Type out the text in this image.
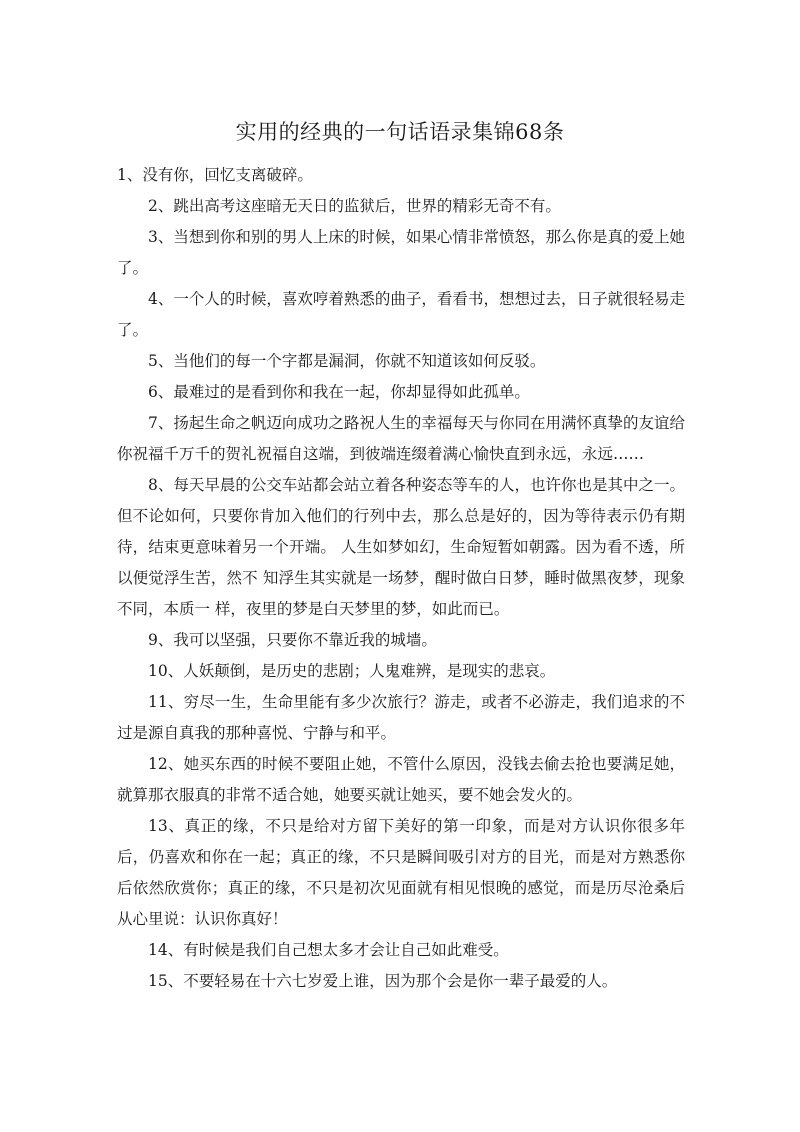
实用的经典的一句话语录集锦68条

1、没有你，回忆支离破碎。

2、跳出高考这座暗无天日的监狱后，世界的精彩无奇不有。

3、当想到你和别的男人上床的时候，如果心情非常愤怒，那么你是真的爱上她了。

4、一个人的时候，喜欢哼着熟悉的曲子，看看书，想想过去，日子就很轻易走了。

5、当他们的每一个字都是漏洞，你就不知道该如何反驳。

6、最难过的是看到你和我在一起，你却显得如此孤单。

7、扬起生命之帆迈向成功之路祝人生的幸福每天与你同在用满怀真挚的友谊给你祝福千万千的贺礼祝福自这端，到彼端连缀着满心愉快直到永远，永远……

8、每天早晨的公交车站都会站立着各种姿态等车的人，也许你也是其中之一。 但不论如何，只要你肯加入他们的行列中去，那么总是好的，因为等待表示仍有期待，结束更意味着另一个开端。 人生如梦如幻，生命短暂如朝露。因为看不透，所以便觉浮生苦，然不 知浮生其实就是一场梦，醒时做白日梦，睡时做黑夜梦，现象不同，本质一 样，夜里的梦是白天梦里的梦，如此而已。

9、我可以坚强，只要你不靠近我的城墙。

10、人妖颠倒，是历史的悲剧；人鬼难辨，是现实的悲哀。

11、穷尽一生，生命里能有多少次旅行？游走，或者不必游走，我们追求的不过是源自真我的那种喜悦、宁静与和平。

12、她买东西的时候不要阻止她，不管什么原因，没钱去偷去抢也要满足她，就算那衣服真的非常不适合她，她要买就让她买，要不她会发火的。

13、真正的缘，不只是给对方留下美好的第一印象，而是对方认识你很多年后，仍喜欢和你在一起；真正的缘，不只是瞬间吸引对方的目光，而是对方熟悉你后依然欣赏你；真正的缘，不只是初次见面就有相见恨晚的感觉，而是历尽沧桑后从心里说：认识你真好！

14、有时候是我们自己想太多才会让自己如此难受。

15、不要轻易在十六七岁爱上谁，因为那个会是你一辈子最爱的人。
